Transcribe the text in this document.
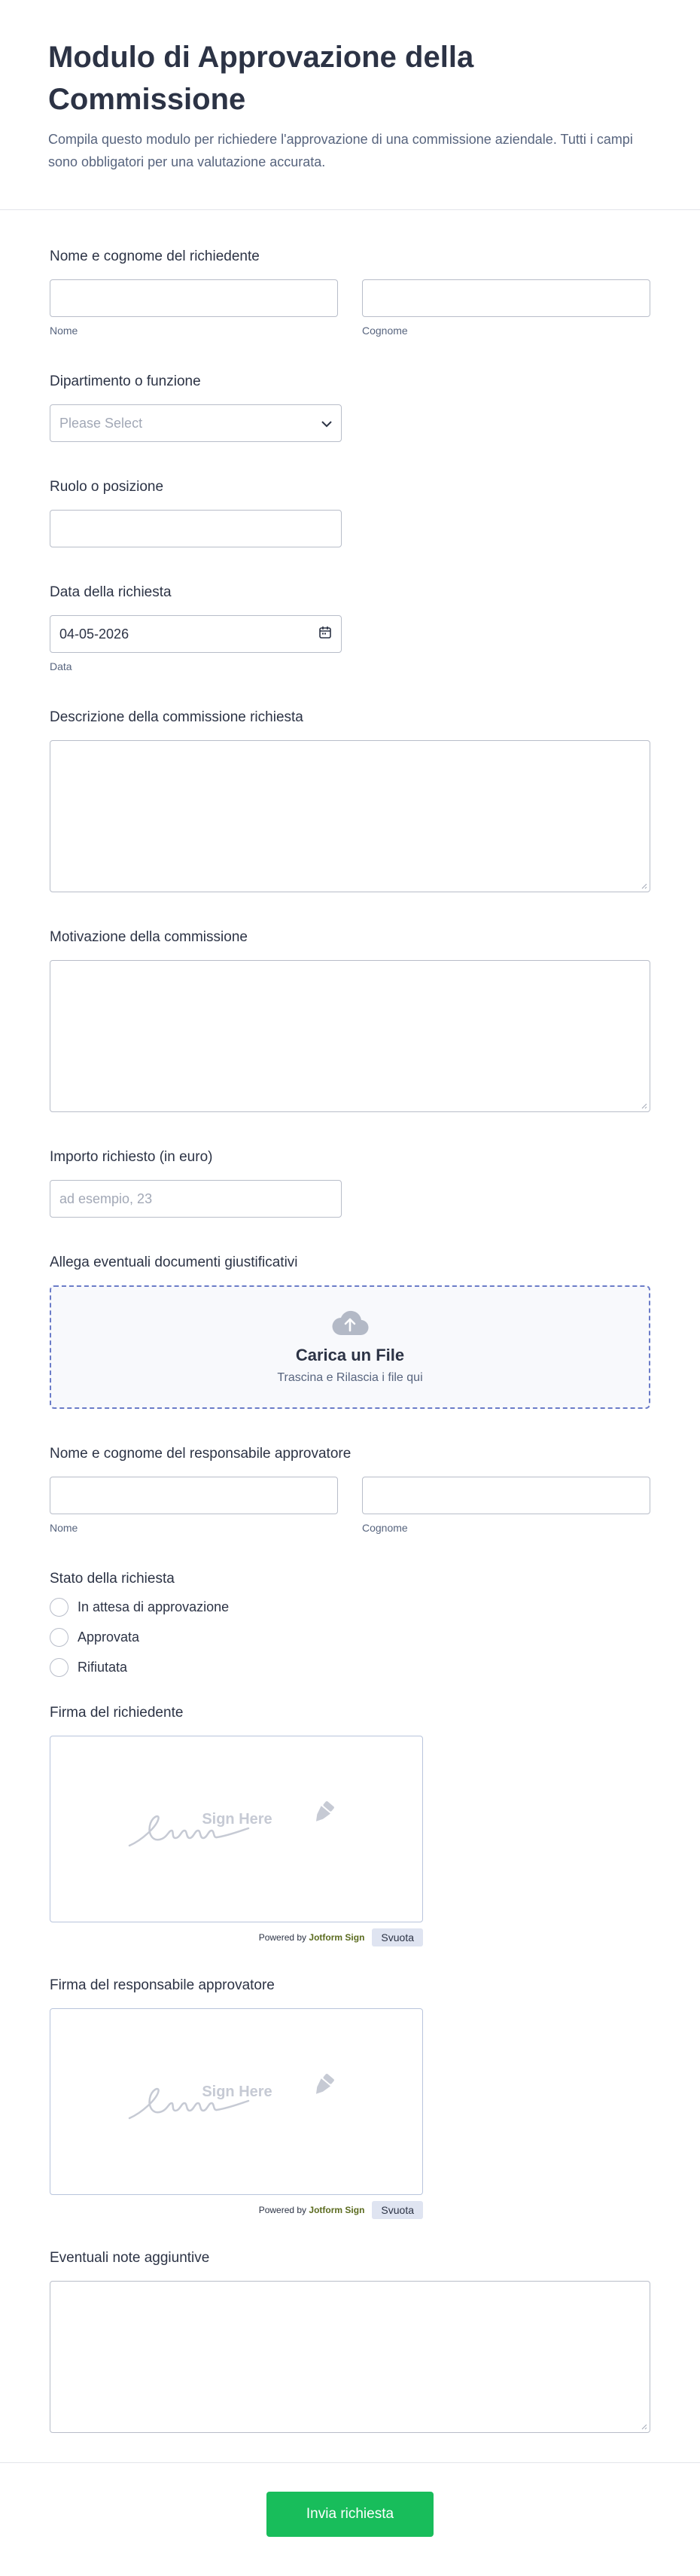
Modulo di Approvazione della Commissione

Compila questo modulo per richiedere l'approvazione di una commissione aziendale. Tutti i campi sono obbligatori per una valutazione accurata.

Nome e cognome del richiedente
Nome	Cognome
Dipartimento o funzione
Please Select
Ruolo o posizione
Data della richiesta
04-05-2026
Data
Descrizione della commissione richiesta
Motivazione della commissione
Importo richiesto (in euro)
ad esempio, 23
Allega eventuali documenti giustificativi
Carica un File
Trascina e Rilascia i file qui
Nome e cognome del responsabile approvatore
Nome	Cognome
Stato della richiesta
In attesa di approvazione
Approvata
Rifiutata
Firma del richiedente
Sign Here
Powered by Jotform Sign	Svuota
Firma del responsabile approvatore
Sign Here
Powered by Jotform Sign	Svuota
Eventuali note aggiuntive
Invia richiesta
